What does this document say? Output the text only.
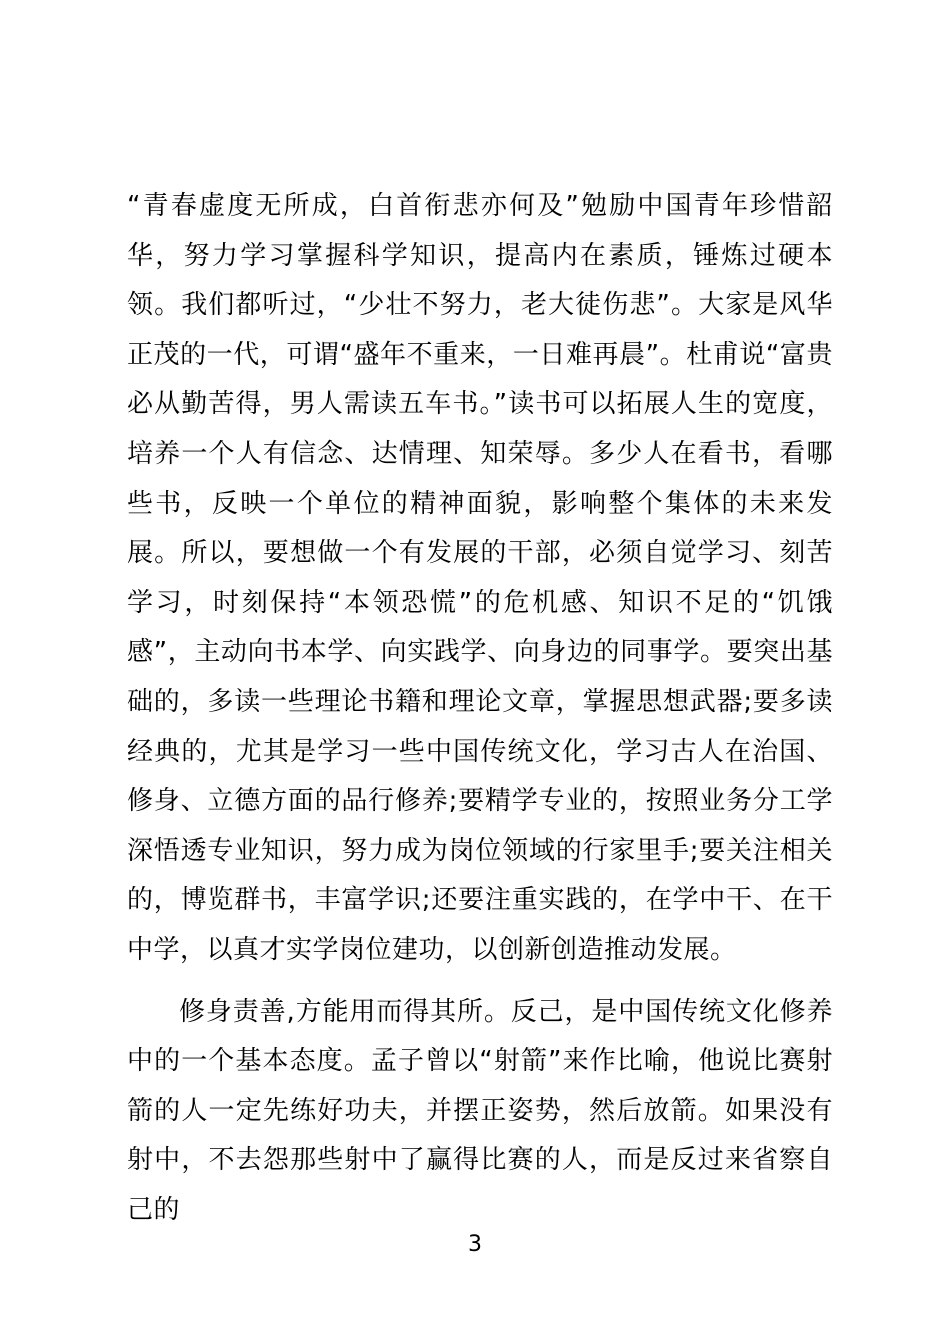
“青春虚度无所成，白首衔悲亦何及”勉励中国青年珍惜韶华，努力学习掌握科学知识，提高内在素质，锤炼过硬本领。我们都听过，“少壮不努力，老大徒伤悲”。大家是风华正茂的一代，可谓“盛年不重来，一日难再晨”。杜甫说“富贵必从勤苦得，男人需读五车书。”读书可以拓展人生的宽度，培养一个人有信念、达情理、知荣辱。多少人在看书，看哪些书，反映一个单位的精神面貌，影响整个集体的未来发展。所以，要想做一个有发展的干部，必须自觉学习、刻苦学习，时刻保持“本领恐慌”的危机感、知识不足的“饥饿感”，主动向书本学、向实践学、向身边的同事学。要突出基础的，多读一些理论书籍和理论文章，掌握思想武器;要多读经典的，尤其是学习一些中国传统文化，学习古人在治国、修身、立德方面的品行修养;要精学专业的，按照业务分工学深悟透专业知识，努力成为岗位领域的行家里手;要关注相关的，博览群书，丰富学识;还要注重实践的，在学中干、在干中学，以真才实学岗位建功，以创新创造推动发展。

修身责善,方能用而得其所。反己，是中国传统文化修养中的一个基本态度。孟子曾以“射箭”来作比喻，他说比赛射箭的人一定先练好功夫，并摆正姿势，然后放箭。如果没有射中，不去怨那些射中了赢得比赛的人，而是反过来省察自己的

3
